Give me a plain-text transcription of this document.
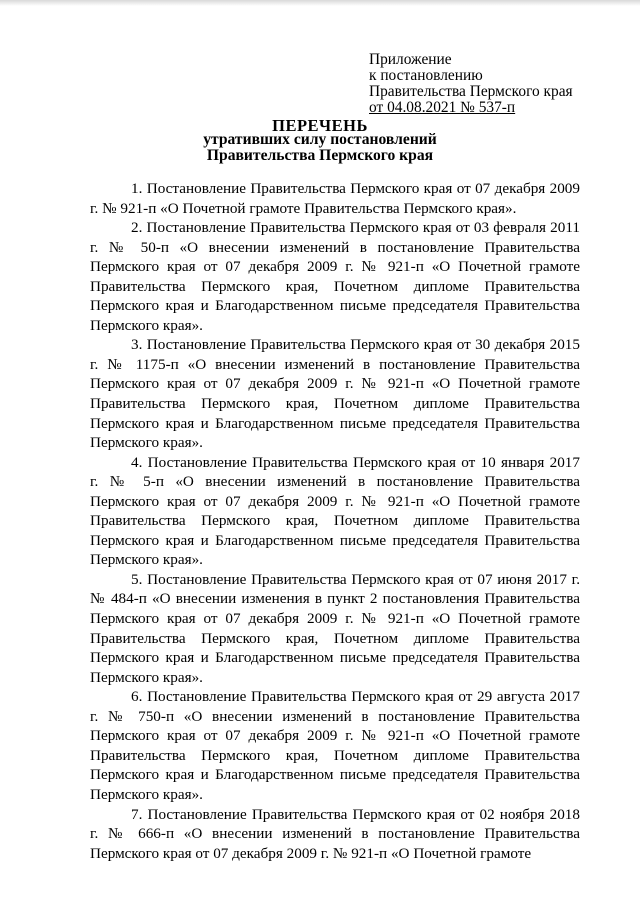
Приложение
к постановлению
Правительства Пермского края
от 04.08.2021 № 537-п
ПЕРЕЧЕНЬ
утративших силу постановлений
Правительства Пермского края

1. Постановление Правительства Пермского края от 07 декабря 2009 г. № 921-п «О Почетной грамоте Правительства Пермского края».

2. Постановление Правительства Пермского края от 03 февраля 2011 г. № 50-п «О внесении изменений в постановление Правительства Пермского края от 07 декабря 2009 г. № 921-п «О Почетной грамоте Правительства Пермского края, Почетном дипломе Правительства Пермского края и Благодарственном письме председателя Правительства Пермского края».

3. Постановление Правительства Пермского края от 30 декабря 2015 г. № 1175-п «О внесении изменений в постановление Правительства Пермского края от 07 декабря 2009 г. № 921-п «О Почетной грамоте Правительства Пермского края, Почетном дипломе Правительства Пермского края и Благодарственном письме председателя Правительства Пермского края».

4. Постановление Правительства Пермского края от 10 января 2017 г. № 5-п «О внесении изменений в постановление Правительства Пермского края от 07 декабря 2009 г. № 921-п «О Почетной грамоте Правительства Пермского края, Почетном дипломе Правительства Пермского края и Благодарственном письме председателя Правительства Пермского края».

5. Постановление Правительства Пермского края от 07 июня 2017 г. № 484-п «О внесении изменения в пункт 2 постановления Правительства Пермского края от 07 декабря 2009 г. № 921-п «О Почетной грамоте Правительства Пермского края, Почетном дипломе Правительства Пермского края и Благодарственном письме председателя Правительства Пермского края».

6. Постановление Правительства Пермского края от 29 августа 2017 г. № 750-п «О внесении изменений в постановление Правительства Пермского края от 07 декабря 2009 г. № 921-п «О Почетной грамоте Правительства Пермского края, Почетном дипломе Правительства Пермского края и Благодарственном письме председателя Правительства Пермского края».

7. Постановление Правительства Пермского края от 02 ноября 2018 г. № 666-п «О внесении изменений в постановление Правительства Пермского края от 07 декабря 2009 г. № 921-п «О Почетной грамоте
